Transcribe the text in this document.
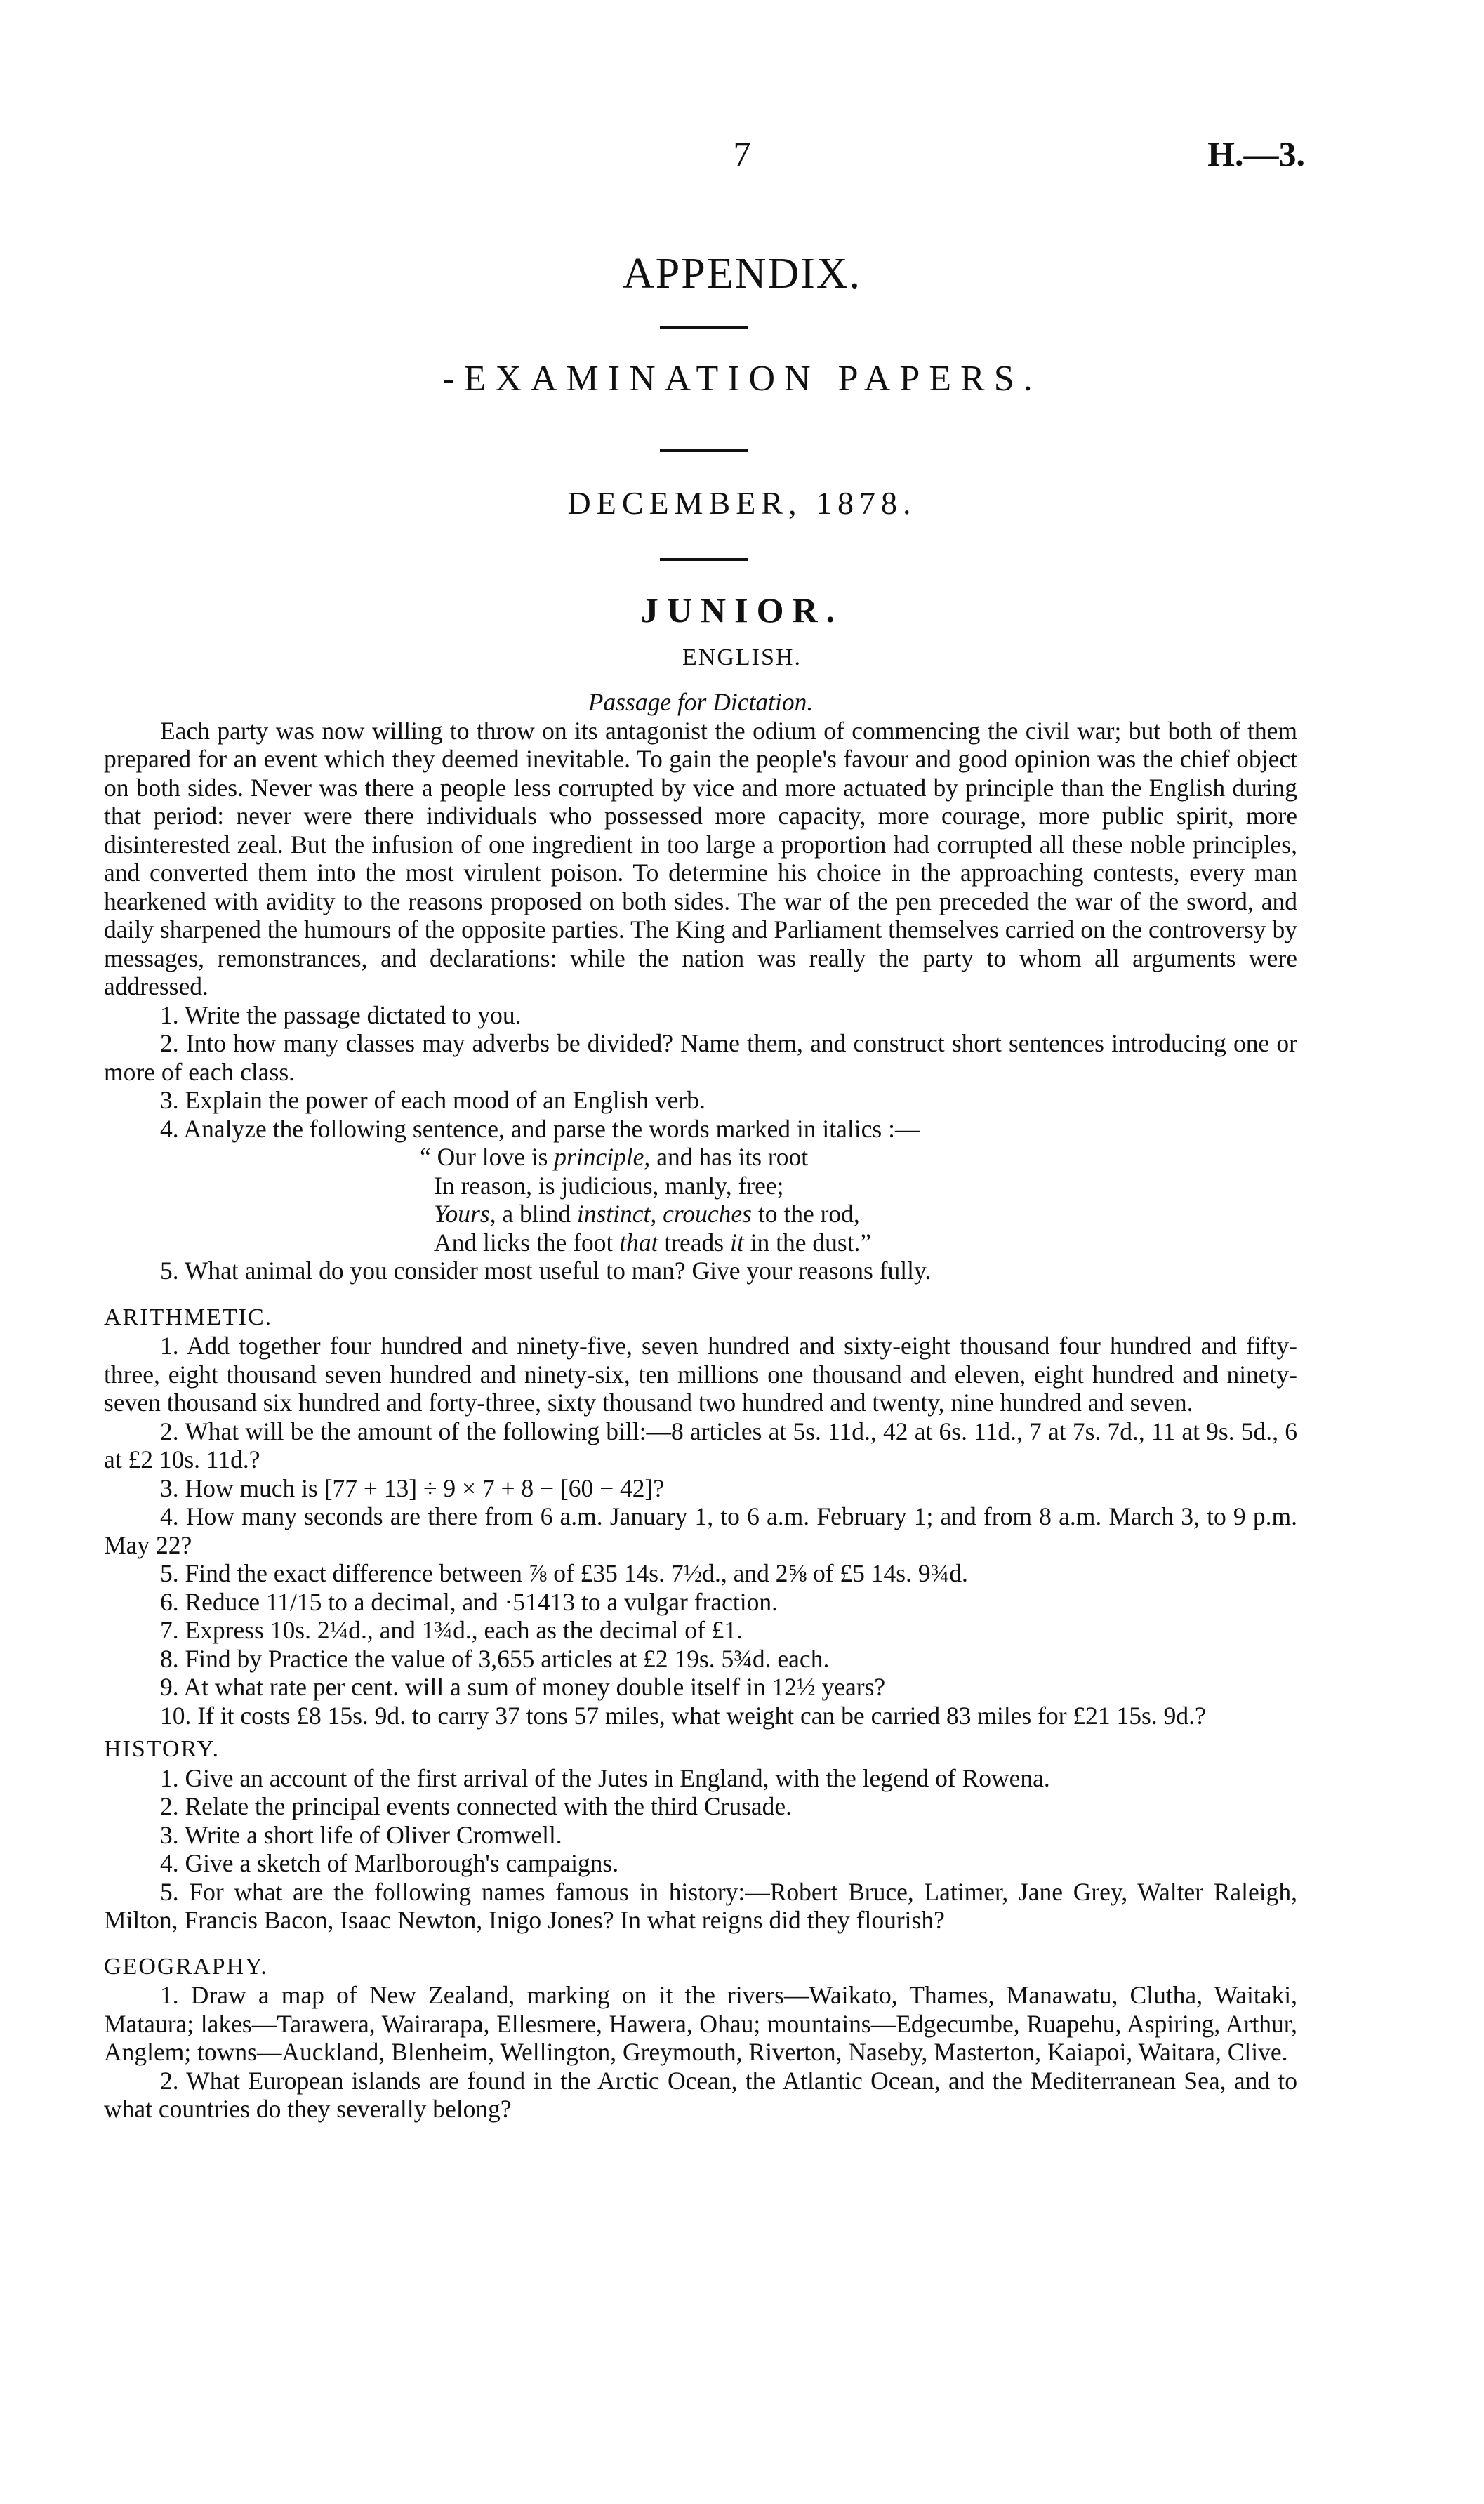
7	H.—3.
APPENDIX.
-EXAMINATION PAPERS.
DECEMBER, 1878.
JUNIOR.
ENGLISH.

Passage for Dictation.

Each party was now willing to throw on its antagonist the odium of commencing the civil war; but both of them prepared for an event which they deemed inevitable. To gain the people's favour and good opinion was the chief object on both sides. Never was there a people less corrupted by vice and more actuated by principle than the English during that period: never were there individuals who possessed more capacity, more courage, more public spirit, more disinterested zeal. But the infusion of one ingredient in too large a proportion had corrupted all these noble principles, and converted them into the most virulent poison. To determine his choice in the approaching contests, every man hearkened with avidity to the reasons proposed on both sides. The war of the pen preceded the war of the sword, and daily sharpened the humours of the opposite parties. The King and Parliament themselves carried on the controversy by messages, remonstrances, and declarations: while the nation was really the party to whom all arguments were addressed.

1. Write the passage dictated to you.

2. Into how many classes may adverbs be divided? Name them, and construct short sentences introducing one or more of each class.

3. Explain the power of each mood of an English verb.

4. Analyze the following sentence, and parse the words marked in italics :—

“ Our love is principle, and has its root
In reason, is judicious, manly, free;
Yours, a blind instinct, crouches to the rod,
And licks the foot that treads it in the dust.”

5. What animal do you consider most useful to man? Give your reasons fully.

ARITHMETIC.

1. Add together four hundred and ninety-five, seven hundred and sixty-eight thousand four hundred and fifty-three, eight thousand seven hundred and ninety-six, ten millions one thousand and eleven, eight hundred and ninety-seven thousand six hundred and forty-three, sixty thousand two hundred and twenty, nine hundred and seven.

2. What will be the amount of the following bill:—8 articles at 5s. 11d., 42 at 6s. 11d., 7 at 7s. 7d., 11 at 9s. 5d., 6 at £2 10s. 11d.?

3. How much is [77 + 13] ÷ 9 × 7 + 8 − [60 − 42]?

4. How many seconds are there from 6 a.m. January 1, to 6 a.m. February 1; and from 8 a.m. March 3, to 9 p.m. May 22?

5. Find the exact difference between ⅞ of £35 14s. 7½d., and 2⅝ of £5 14s. 9¾d.

6. Reduce 11/15 to a decimal, and ·51413 to a vulgar fraction.

7. Express 10s. 2¼d., and 1¾d., each as the decimal of £1.

8. Find by Practice the value of 3,655 articles at £2 19s. 5¾d. each.

9. At what rate per cent. will a sum of money double itself in 12½ years?

10. If it costs £8 15s. 9d. to carry 37 tons 57 miles, what weight can be carried 83 miles for £21 15s. 9d.?

HISTORY.

1. Give an account of the first arrival of the Jutes in England, with the legend of Rowena.

2. Relate the principal events connected with the third Crusade.

3. Write a short life of Oliver Cromwell.

4. Give a sketch of Marlborough's campaigns.

5. For what are the following names famous in history:—Robert Bruce, Latimer, Jane Grey, Walter Raleigh, Milton, Francis Bacon, Isaac Newton, Inigo Jones? In what reigns did they flourish?

GEOGRAPHY.

1. Draw a map of New Zealand, marking on it the rivers—Waikato, Thames, Manawatu, Clutha, Waitaki, Mataura; lakes—Tarawera, Wairarapa, Ellesmere, Hawera, Ohau; mountains—Edgecumbe, Ruapehu, Aspiring, Arthur, Anglem; towns—Auckland, Blenheim, Wellington, Greymouth, Riverton, Naseby, Masterton, Kaiapoi, Waitara, Clive.

2. What European islands are found in the Arctic Ocean, the Atlantic Ocean, and the Mediterranean Sea, and to what countries do they severally belong?
